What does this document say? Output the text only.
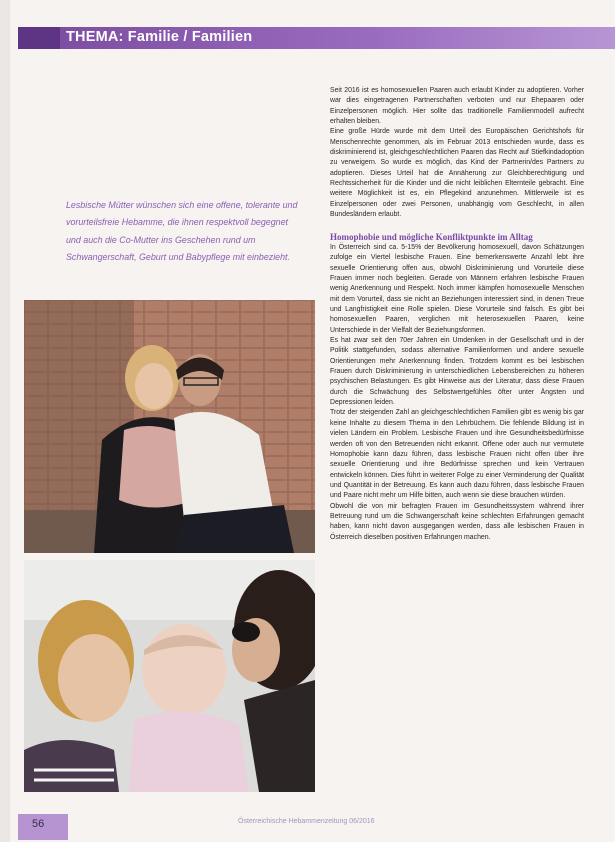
THEMA: Familie / Familien
Lesbische Mütter wünschen sich eine offene, tolerante und vorurteilsfreie Hebamme, die ihnen respektvoll begegnet und auch die Co-Mutter ins Geschehen rund um Schwangerschaft, Geburt und Babypflege mit einbezieht.

Seit 2016 ist es homosexuellen Paaren auch erlaubt Kinder zu adoptieren. Vorher war dies eingetragenen Partnerschaften verboten und nur Ehepaaren oder Einzelpersonen möglich. Hier sollte das traditionelle Familienmodell aufrecht erhalten bleiben.

Eine große Hürde wurde mit dem Urteil des Europäischen Gerichtshofs für Menschenrechte genommen, als im Februar 2013 entschieden wurde, dass es diskriminierend ist, gleichgeschlechtlichen Paaren das Recht auf Stiefkindadoption zu verweigern. So wurde es möglich, das Kind der Partnerin/des Partners zu adoptieren. Dieses Urteil hat die Annäherung zur Gleichberechtigung und Rechtssicherheit für die Kinder und die nicht leiblichen Elternteile gebracht. Eine weitere Möglichkeit ist es, ein Pflegekind anzunehmen. Mittlerweile ist es Einzelpersonen oder zwei Personen, unabhängig vom Geschlecht, in allen Bundesländern erlaubt.

Homophobie und mögliche Konfliktpunkte im Alltag

In Österreich sind ca. 5-15% der Bevölkerung homosexuell, davon Schätzungen zufolge ein Viertel lesbische Frauen. Eine bemerkenswerte Anzahl lebt ihre sexuelle Orientierung offen aus, obwohl Diskriminierung und Vorurteile diese Frauen immer noch begleiten. Gerade von Männern erfahren lesbische Frauen wenig Anerkennung und Respekt. Noch immer kämpfen homosexuelle Menschen mit dem Vorurteil, dass sie nicht an Beziehungen interessiert sind, in denen Treue und Langfristigkeit eine Rolle spielen. Diese Vorurteile sind falsch. Es gibt bei homosexuellen Paaren, verglichen mit heterosexuellen Paaren, keine Unterschiede in der Vielfalt der Beziehungsformen.

Es hat zwar seit den 70er Jahren ein Umdenken in der Gesellschaft und in der Politik stattgefunden, sodass alternative Familienformen und andere sexuelle Orientierungen mehr Anerkennung finden. Trotzdem kommt es bei lesbischen Frauen durch Diskriminierung in unterschiedlichen Lebensbereichen zu höheren psychischen Belastungen. Es gibt Hinweise aus der Literatur, dass diese Frauen durch die Schwächung des Selbstwertgefühles öfter unter Ängsten und Depressionen leiden.

Trotz der steigenden Zahl an gleichgeschlechtlichen Familien gibt es wenig bis gar keine Inhalte zu diesem Thema in den Lehrbüchern. Die fehlende Bildung ist in vielen Ländern ein Problem. Lesbische Frauen und ihre Gesundheitsbedürfnisse werden oft von den Betreuenden nicht erkannt. Offene oder auch nur vermutete Homophobie kann dazu führen, dass lesbische Frauen nicht offen über ihre sexuelle Orientierung und ihre Bedürfnisse sprechen und kein Vertrauen entwickeln können. Dies führt in weiterer Folge zu einer Verminderung der Qualität und Quantität in der Betreuung. Es kann auch dazu führen, dass lesbische Frauen und Paare nicht mehr um Hilfe bitten, auch wenn sie diese brauchen würden.

Obwohl die von mir befragten Frauen im Gesundheitssystem während ihrer Betreuung rund um die Schwangerschaft keine schlechten Erfahrungen gemacht haben, kann nicht davon ausgegangen werden, dass alle lesbischen Frauen in Österreich dieselben positiven Erfahrungen machen.

56	Österreichische Hebammenzeitung 06/2016
